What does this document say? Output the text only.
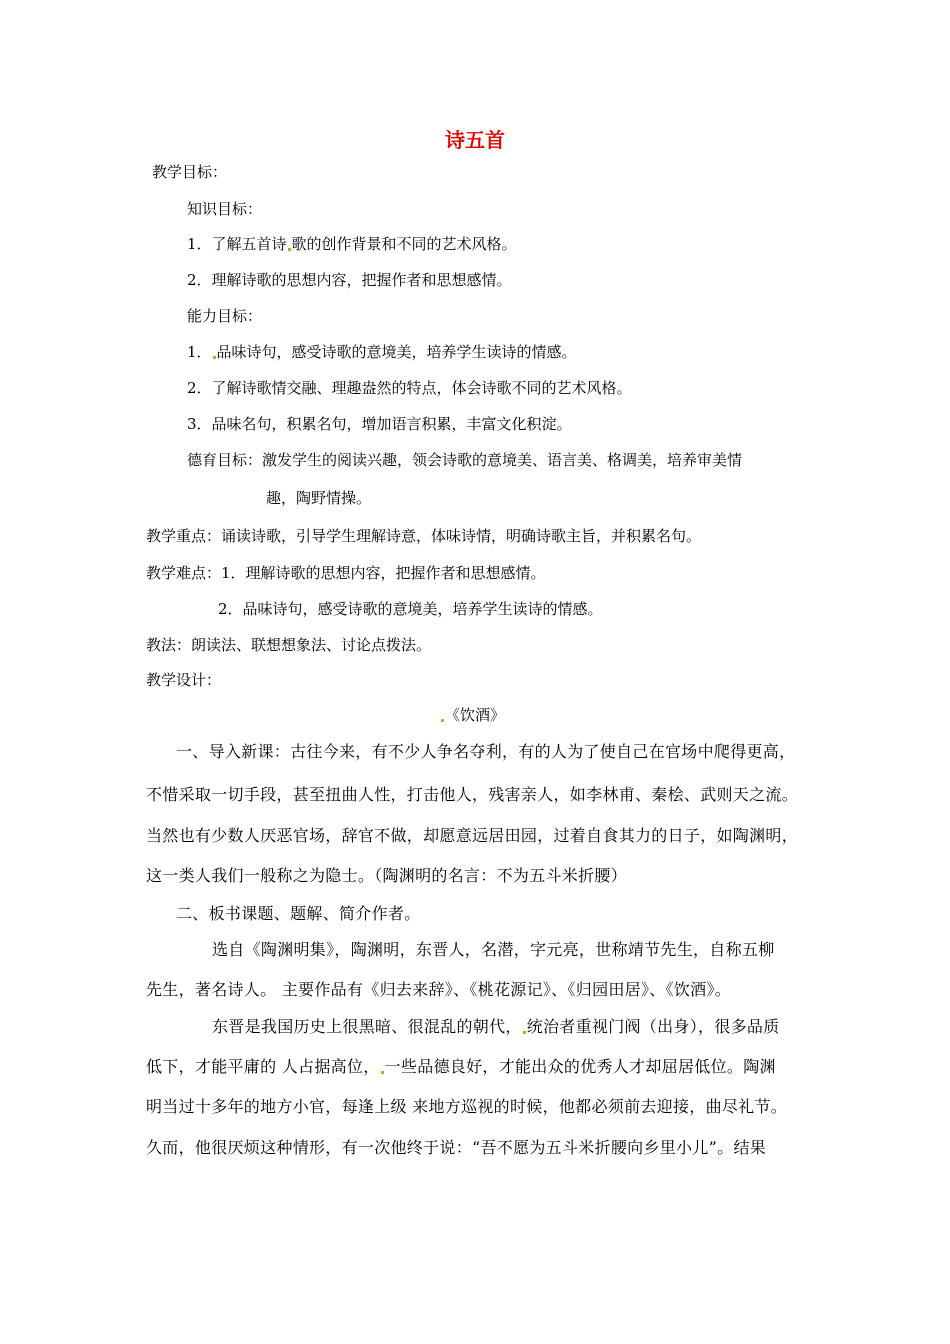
诗五首
教学目标：
知识目标：
1．了解五首诗 歌的创作背景和不同的艺术风格。
2．理解诗歌的思想内容，把握作者和思想感情。
能力目标：
1． 品味诗句，感受诗歌的意境美，培养学生读诗的情感。
2．了解诗歌情交融、理趣盎然的特点，体会诗歌不同的艺术风格。
3．品味名句，积累名句，增加语言积累，丰富文化积淀。
德育目标：激发学生的阅读兴趣，领会诗歌的意境美、语言美、格调美，培养审美情
趣，陶野情操。
教学重点：诵读诗歌，引导学生理解诗意，体味诗情，明确诗歌主旨，并积累名句。
教学难点：1．理解诗歌的思想内容，把握作者和思想感情。
2．品味诗句，感受诗歌的意境美，培养学生读诗的情感。
教法：朗读法、联想想象法、讨论点拨法。
教学设计：
《饮酒》
一、导入新课：古往今来，有不少人争名夺利，有的人为了使自己在官场中爬得更高，
不惜采取一切手段，甚至扭曲人性，打击他人，残害亲人，如李林甫、秦桧、武则天之流。
当然也有少数人厌恶官场，辞官不做，却愿意远居田园，过着自食其力的日子，如陶渊明，
这一类人我们一般称之为隐士。（陶渊明的名言：不为五斗米折腰）
二、板书课题、题解、简介作者。
选自《陶渊明集》，陶渊明，东晋人，名潜，字元亮，世称靖节先生，自称五柳
先生，著名诗人。 主要作品有《归去来辞》、《桃花源记》、《归园田居》、《饮酒》。
东晋是我国历史上很黑暗、很混乱的朝代， 统治者重视门阀（出身），很多品质
低下，才能平庸的 人占据高位， 一些品德良好，才能出众的优秀人才却屈居低位。陶渊
明当过十多年的地方小官，每逢上级 来地方巡视的时候，他都必须前去迎接，曲尽礼节。
久而，他很厌烦这种情形，有一次他终于说：“吾不愿为五斗米折腰向乡里小儿”。结果
